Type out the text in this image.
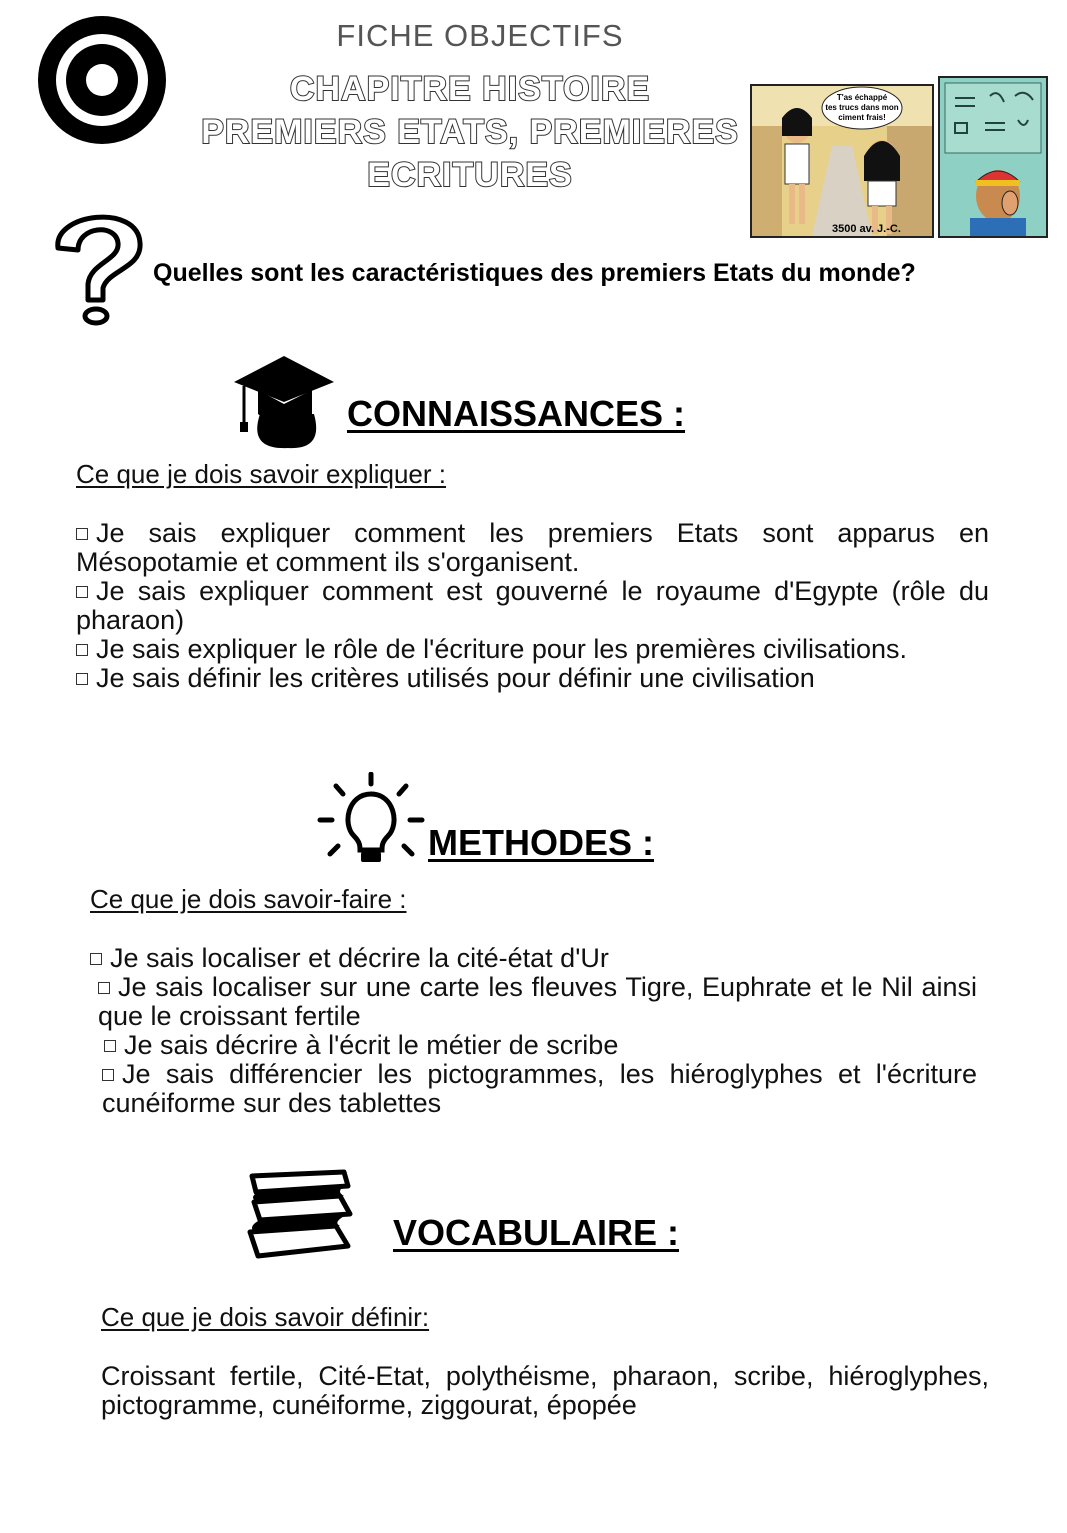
FICHE OBJECTIFS
CHAPITRE HISTOIRE
PREMIERS ETATS, PREMIERES
ECRITURES
T'as échappé
tes trucs dans mon
ciment frais!
3500 av. J.-C.
Quelles sont les caractéristiques des premiers Etats du monde?
CONNAISSANCES :
Ce que je dois savoir expliquer :

Je sais expliquer comment les premiers Etats sont apparus en Mésopotamie et comment ils s'organisent.

Je sais expliquer comment est gouverné le royaume d'Egypte (rôle du pharaon)

Je sais expliquer le rôle de l'écriture pour les premières civilisations.

Je sais définir les critères utilisés pour définir une civilisation

METHODES :
Ce que je dois savoir-faire :

Je sais localiser et décrire la cité-état d'Ur

Je sais localiser sur une carte les fleuves Tigre, Euphrate et le Nil ainsi que le croissant fertile

Je sais décrire à l'écrit le métier de scribe

Je sais différencier les pictogrammes, les hiéroglyphes et l'écriture cunéiforme sur des tablettes

VOCABULAIRE :
Ce que je dois savoir définir:
Croissant fertile, Cité-Etat, polythéisme, pharaon, scribe, hiéroglyphes, pictogramme, cunéiforme, ziggourat, épopée
